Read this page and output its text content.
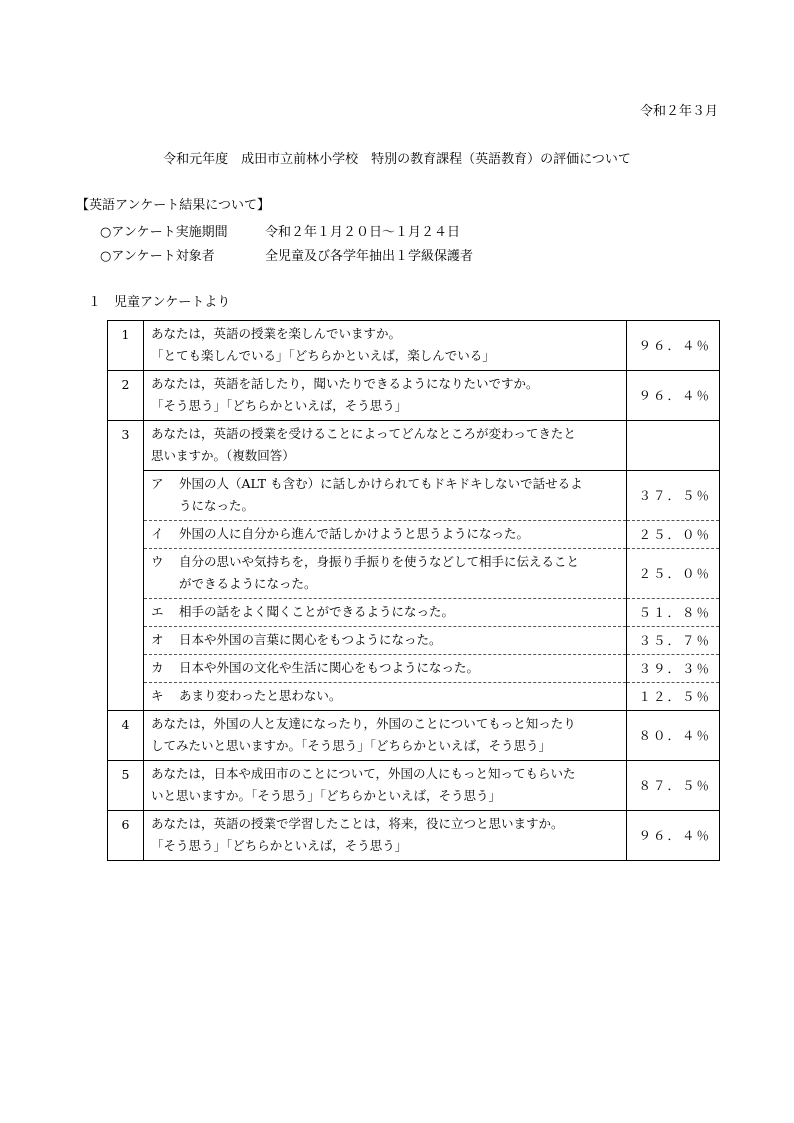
令和２年３月
令和元年度　成田市立前林小学校　特別の教育課程（英語教育）の評価について
【英語アンケート結果について】
○アンケート実施期間	令和２年１月２０日～１月２４日
○アンケート対象者	全児童及び各学年抽出１学級保護者
１　児童アンケートより
1	あなたは，英語の授業を楽しんでいますか。
「とても楽しんでいる」「どちらかといえば，楽しんでいる」	９６．４％
2	あなたは，英語を話したり，聞いたりできるようになりたいですか。
「そう思う」「どちらかといえば，そう思う」	９６．４％
3	あなたは，英語の授業を受けることによってどんなところが変わってきたと
思いますか。（複数回答）	

	ア 外国の人（ALT も含む）に話しかけられてもドキドキしないで話せるよ
うになった。	３７．５％

	イ 外国の人に自分から進んで話しかけようと思うようになった。	２５．０％

	ウ 自分の思いや気持ちを，身振り手振りを使うなどして相手に伝えること
ができるようになった。	２５．０％

	エ 相手の話をよく聞くことができるようになった。	５１．８％

	オ 日本や外国の言葉に関心をもつようになった。	３５．７％

	カ 日本や外国の文化や生活に関心をもつようになった。	３９．３％

	キ あまり変わったと思わない。	１２．５％
4	あなたは，外国の人と友達になったり，外国のことについてもっと知ったり
してみたいと思いますか。「そう思う」「どちらかといえば，そう思う」	８０．４％
5	あなたは，日本や成田市のことについて，外国の人にもっと知ってもらいた
いと思いますか。「そう思う」「どちらかといえば，そう思う」	８７．５％
6	あなたは，英語の授業で学習したことは，将来，役に立つと思いますか。
「そう思う」「どちらかといえば，そう思う」	９６．４％
